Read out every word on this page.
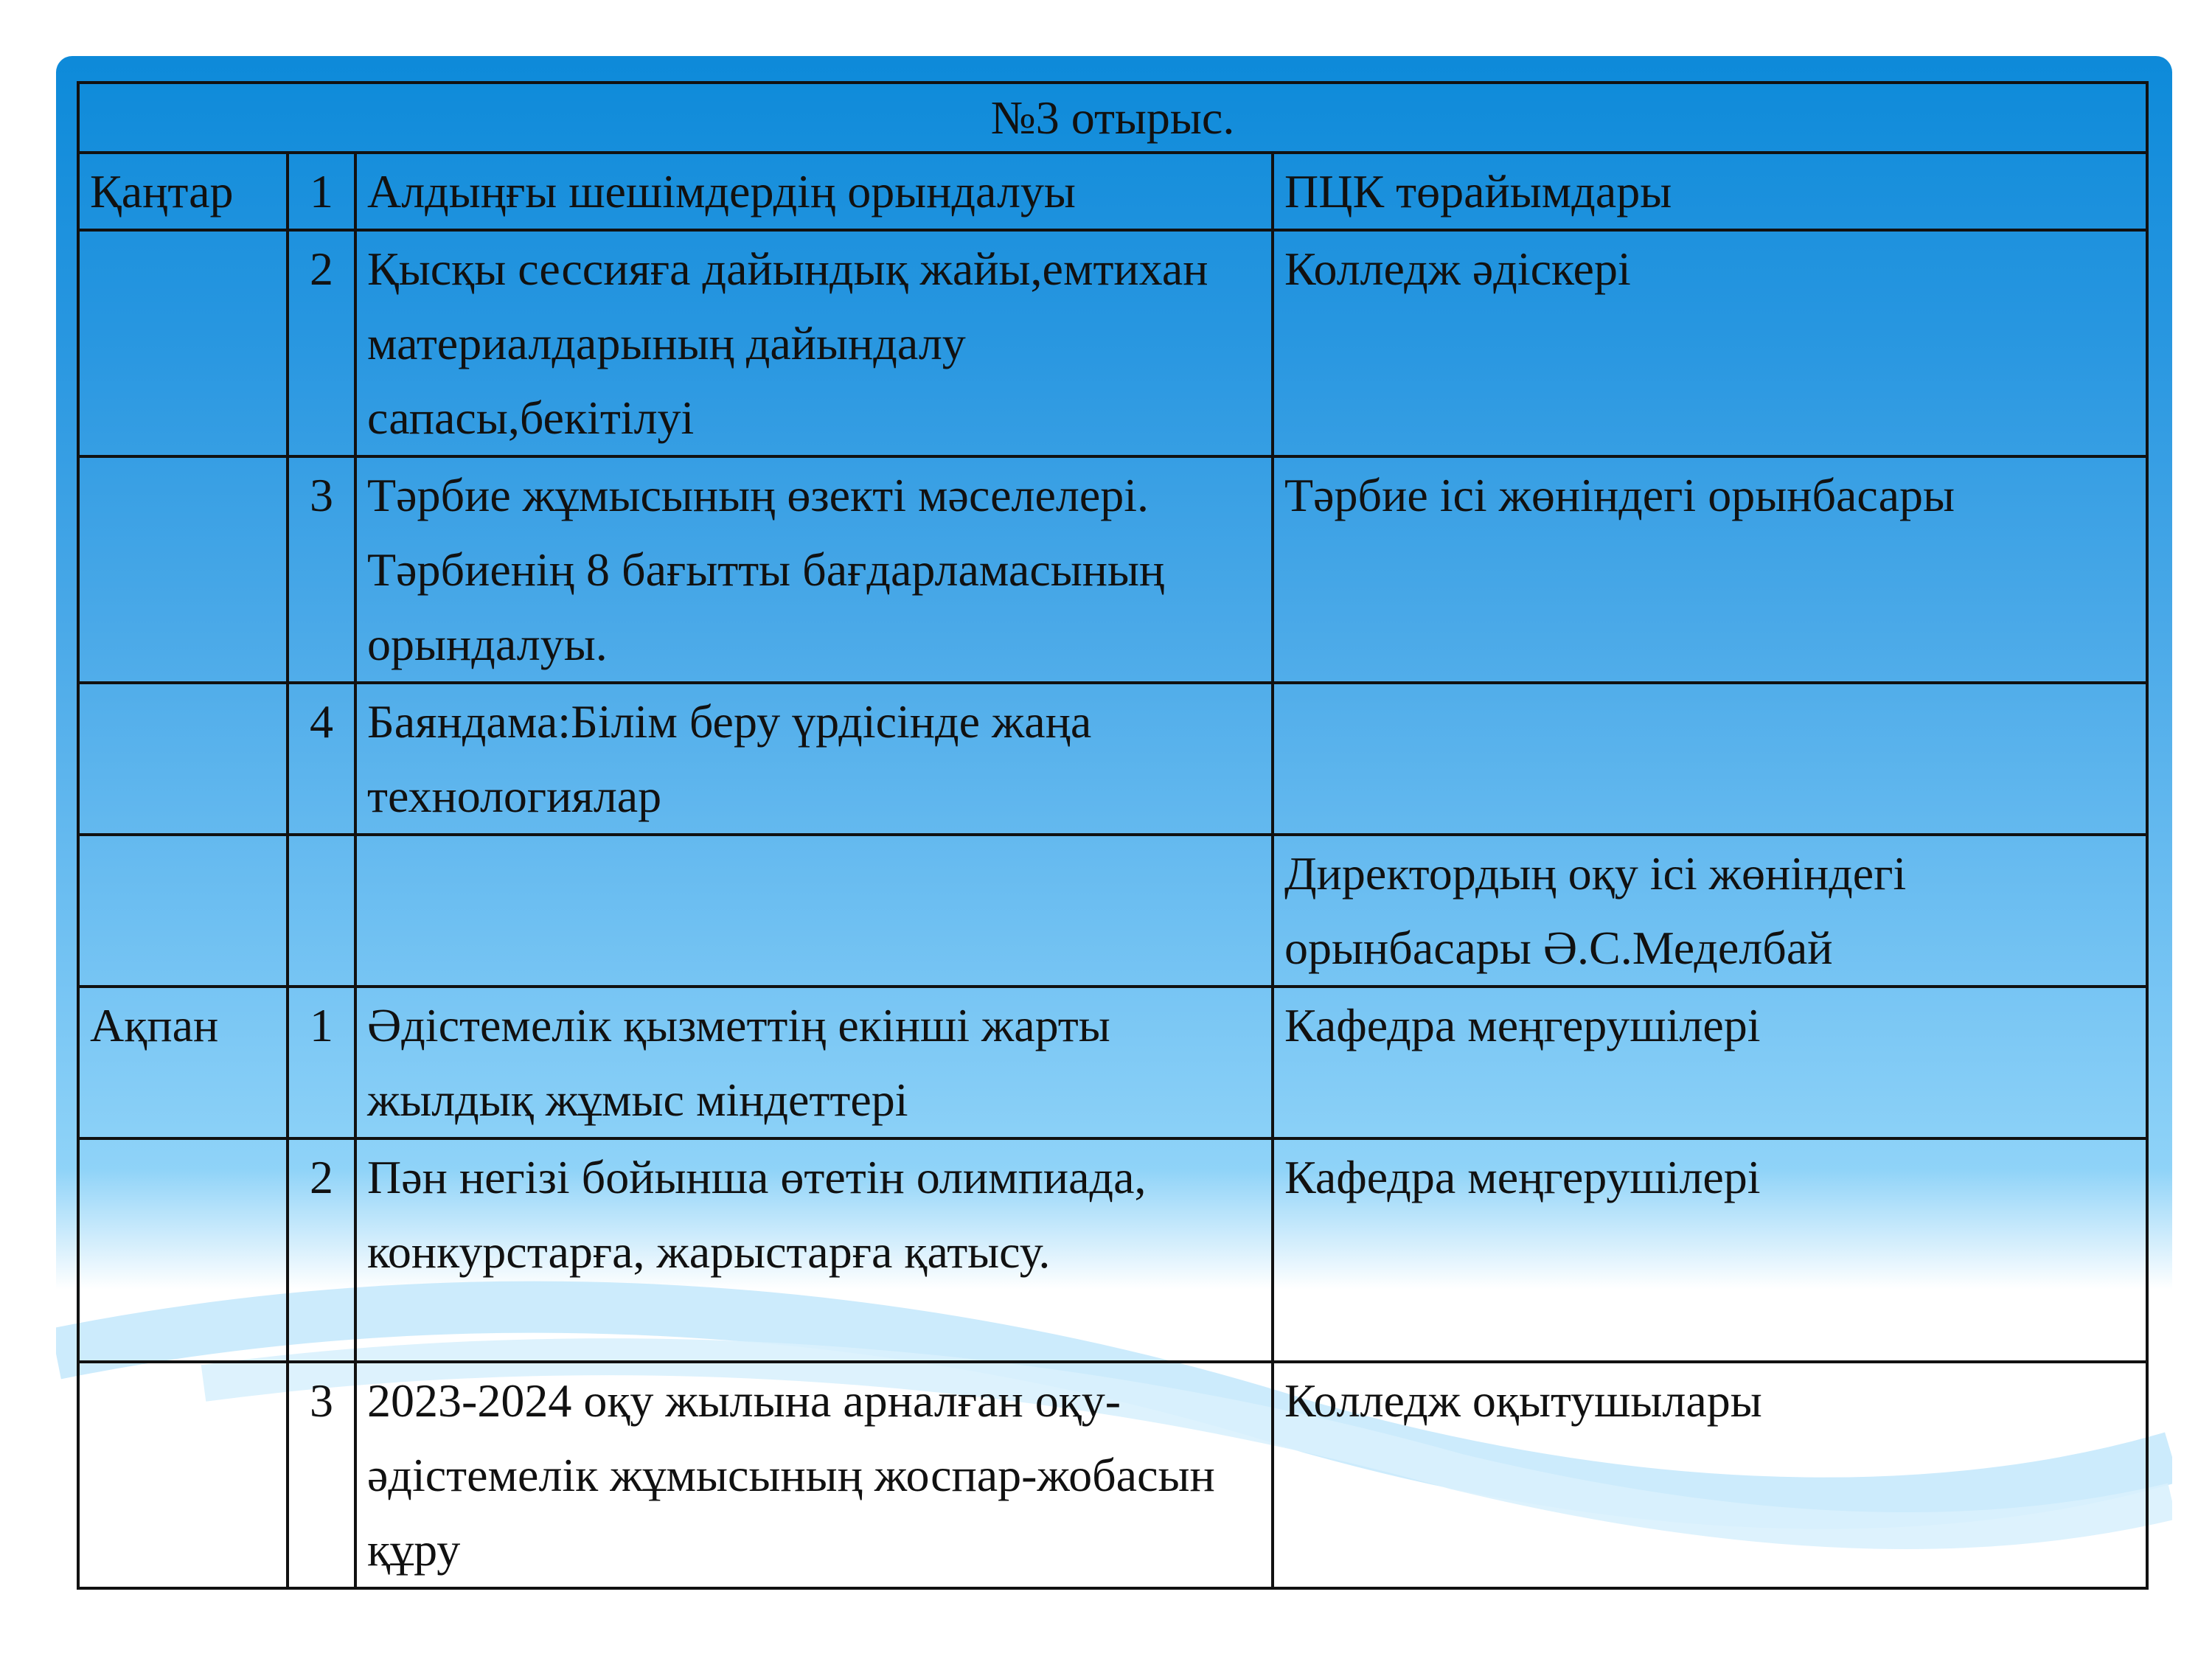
№3 отырыс.			
Қаңтар	1	Алдыңғы шешімдердің орындалуы	ПЦК төрайымдары
	2	Қысқы сессияға дайындық жайы,емтихан материалдарының дайындалу сапасы,бекітілуі	Колледж әдіскері
	3	Тәрбие жұмысының өзекті мәселелері. Тәрбиенің 8 бағытты бағдарламасының орындалуы.	Тәрбие ісі жөніндегі орынбасары
	4	Баяндама:Білім беру үрдісінде жаңа технологиялар	
			Директордың оқу ісі жөніндегі орынбасары Ә.С.Меделбай
Ақпан	1	Әдістемелік қызметтің екінші жарты жылдық жұмыс міндеттері	Кафедра меңгерушілері
	2	Пән негізі бойынша өтетін олимпиада, конкурстарға, жарыстарға қатысу.	Кафедра меңгерушілері
	3	2023-2024 оқу жылына арналған оқу-әдістемелік жұмысының жоспар-жобасын құру	Колледж оқытушылары
